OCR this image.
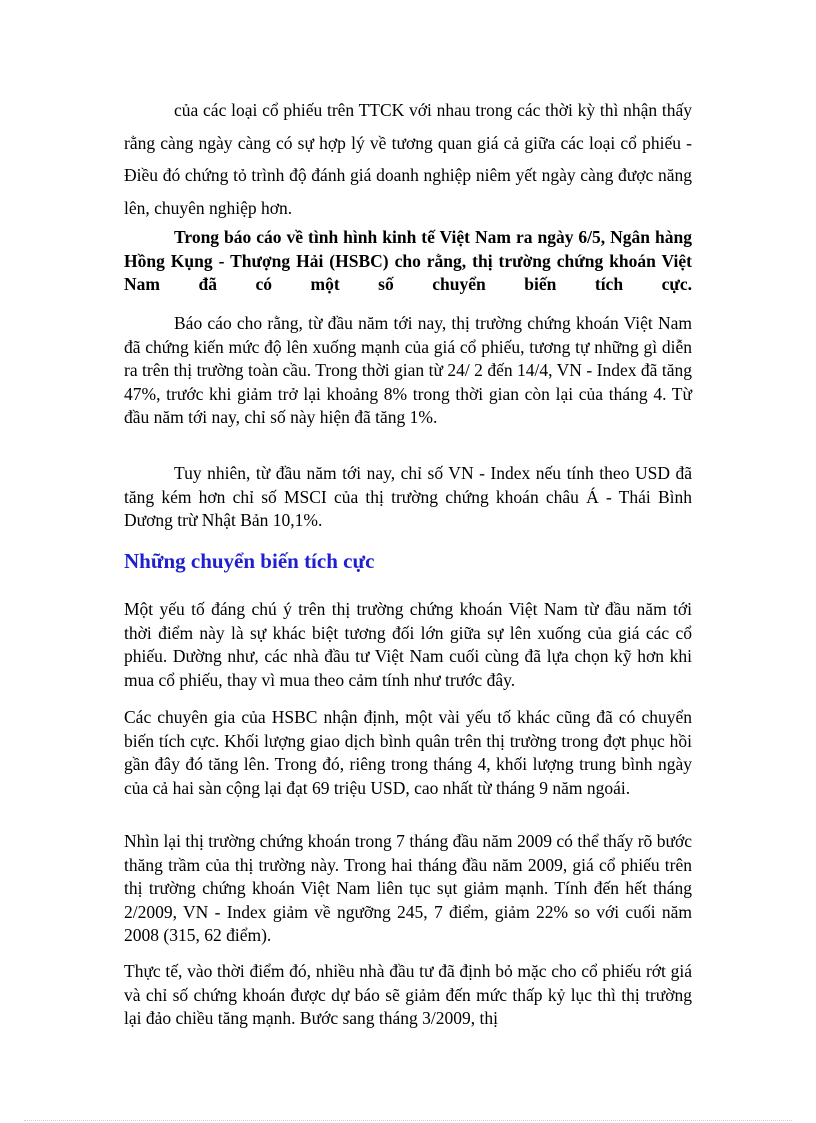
của các loại cổ phiếu trên TTCK với nhau trong các thời kỳ thì nhận thấy rằng càng ngày càng có sự hợp lý về tương quan giá cả giữa các loại cổ phiếu - Điều đó chứng tỏ trình độ đánh giá doanh nghiệp niêm yết ngày càng được năng lên, chuyên nghiệp hơn.

Trong báo cáo về tình hình kinh tế Việt Nam ra ngày 6/5, Ngân hàng Hồng Kụng - Thượng Hải (HSBC) cho rằng, thị trường chứng khoán Việt Nam đã có một số chuyển biến tích cực.

Báo cáo cho rằng, từ đầu năm tới nay, thị trường chứng khoán Việt Nam đã chứng kiến mức độ lên xuống mạnh của giá cổ phiếu, tương tự những gì diễn ra trên thị trường toàn cầu. Trong thời gian từ 24/ 2 đến 14/4, VN - Index đã tăng 47%, trước khi giảm trở lại khoảng 8% trong thời gian còn lại của tháng 4. Từ đầu năm tới nay, chỉ số này hiện đã tăng 1%.

Tuy nhiên, từ đầu năm tới nay, chỉ số VN - Index nếu tính theo USD đã tăng kém hơn chỉ số MSCI của thị trường chứng khoán châu Á - Thái Bình Dương trừ Nhật Bản 10,1%.

Những chuyển biến tích cực

Một yếu tố đáng chú ý trên thị trường chứng khoán Việt Nam từ đầu năm tới thời điểm này là sự khác biệt tương đối lớn giữa sự lên xuống của giá các cổ phiếu. Dường như, các nhà đầu tư Việt Nam cuối cùng đã lựa chọn kỹ hơn khi mua cổ phiếu, thay vì mua theo cảm tính như trước đây.

Các chuyên gia của HSBC nhận định, một vài yếu tố khác cũng đã có chuyển biến tích cực. Khối lượng giao dịch bình quân trên thị trường trong đợt phục hồi gần đây đó tăng lên. Trong đó, riêng trong tháng 4, khối lượng trung bình ngày của cả hai sàn cộng lại đạt 69 triệu USD, cao nhất từ tháng 9 năm ngoái.

Nhìn lại thị trường chứng khoán trong 7 tháng đầu năm 2009 có thể thấy rõ bước thăng trầm của thị trường này. Trong hai tháng đầu năm 2009, giá cổ phiếu trên thị trường chứng khoán Việt Nam liên tục sụt giảm mạnh. Tính đến hết tháng 2/2009, VN - Index giảm về ngưỡng 245, 7 điểm, giảm 22% so với cuối năm 2008 (315, 62 điểm).

Thực tế, vào thời điểm đó, nhiều nhà đầu tư đã định bỏ mặc cho cổ phiếu rớt giá và chỉ số chứng khoán được dự báo sẽ giảm đến mức thấp kỷ lục thì thị trường lại đảo chiều tăng mạnh. Bước sang tháng 3/2009, thị
